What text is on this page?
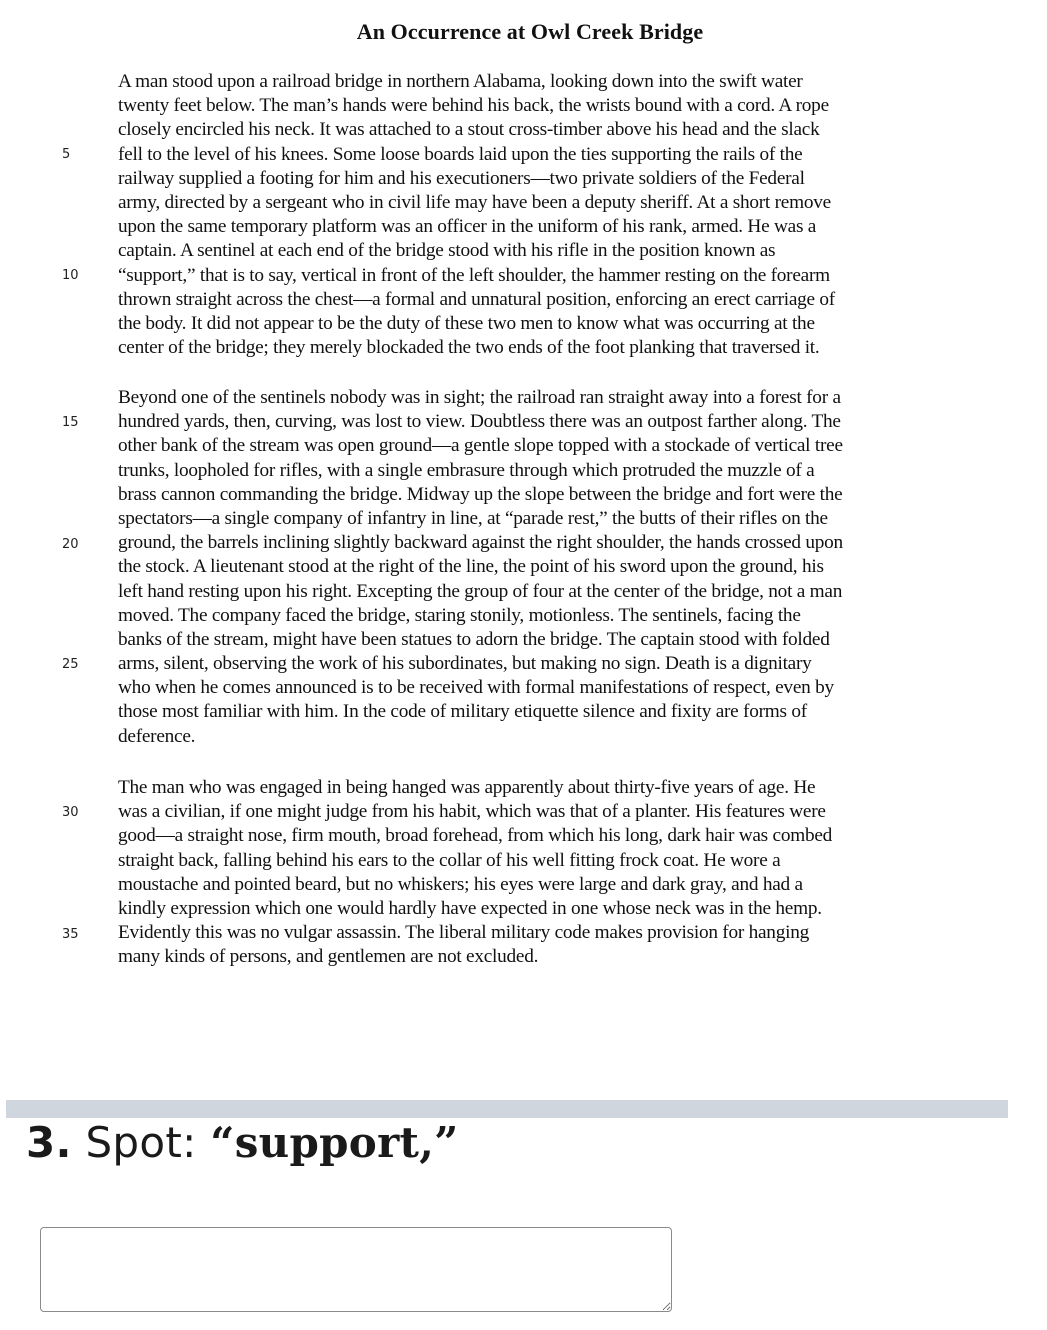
An Occurrence at Owl Creek Bridge
A man stood upon a railroad bridge in northern Alabama, looking down into the swift water
twenty feet below. The man’s hands were behind his back, the wrists bound with a cord. A rope
closely encircled his neck. It was attached to a stout cross-timber above his head and the slack
fell to the level of his knees. Some loose boards laid upon the ties supporting the rails of the
railway supplied a footing for him and his executioners—two private soldiers of the Federal
army, directed by a sergeant who in civil life may have been a deputy sheriff. At a short remove
upon the same temporary platform was an officer in the uniform of his rank, armed. He was a
captain. A sentinel at each end of the bridge stood with his rifle in the position known as
“support,” that is to say, vertical in front of the left shoulder, the hammer resting on the forearm
thrown straight across the chest—a formal and unnatural position, enforcing an erect carriage of
the body. It did not appear to be the duty of these two men to know what was occurring at the
center of the bridge; they merely blockaded the two ends of the foot planking that traversed it.
Beyond one of the sentinels nobody was in sight; the railroad ran straight away into a forest for a
hundred yards, then, curving, was lost to view. Doubtless there was an outpost farther along. The
other bank of the stream was open ground—a gentle slope topped with a stockade of vertical tree
trunks, loopholed for rifles, with a single embrasure through which protruded the muzzle of a
brass cannon commanding the bridge. Midway up the slope between the bridge and fort were the
spectators—a single company of infantry in line, at “parade rest,” the butts of their rifles on the
ground, the barrels inclining slightly backward against the right shoulder, the hands crossed upon
the stock. A lieutenant stood at the right of the line, the point of his sword upon the ground, his
left hand resting upon his right. Excepting the group of four at the center of the bridge, not a man
moved. The company faced the bridge, staring stonily, motionless. The sentinels, facing the
banks of the stream, might have been statues to adorn the bridge. The captain stood with folded
arms, silent, observing the work of his subordinates, but making no sign. Death is a dignitary
who when he comes announced is to be received with formal manifestations of respect, even by
those most familiar with him. In the code of military etiquette silence and fixity are forms of
deference.
The man who was engaged in being hanged was apparently about thirty-five years of age. He
was a civilian, if one might judge from his habit, which was that of a planter. His features were
good—a straight nose, firm mouth, broad forehead, from which his long, dark hair was combed
straight back, falling behind his ears to the collar of his well fitting frock coat. He wore a
moustache and pointed beard, but no whiskers; his eyes were large and dark gray, and had a
kindly expression which one would hardly have expected in one whose neck was in the hemp.
Evidently this was no vulgar assassin. The liberal military code makes provision for hanging
many kinds of persons, and gentlemen are not excluded.
5
10
15
20
25
30
35
3. Spot: “support,”
